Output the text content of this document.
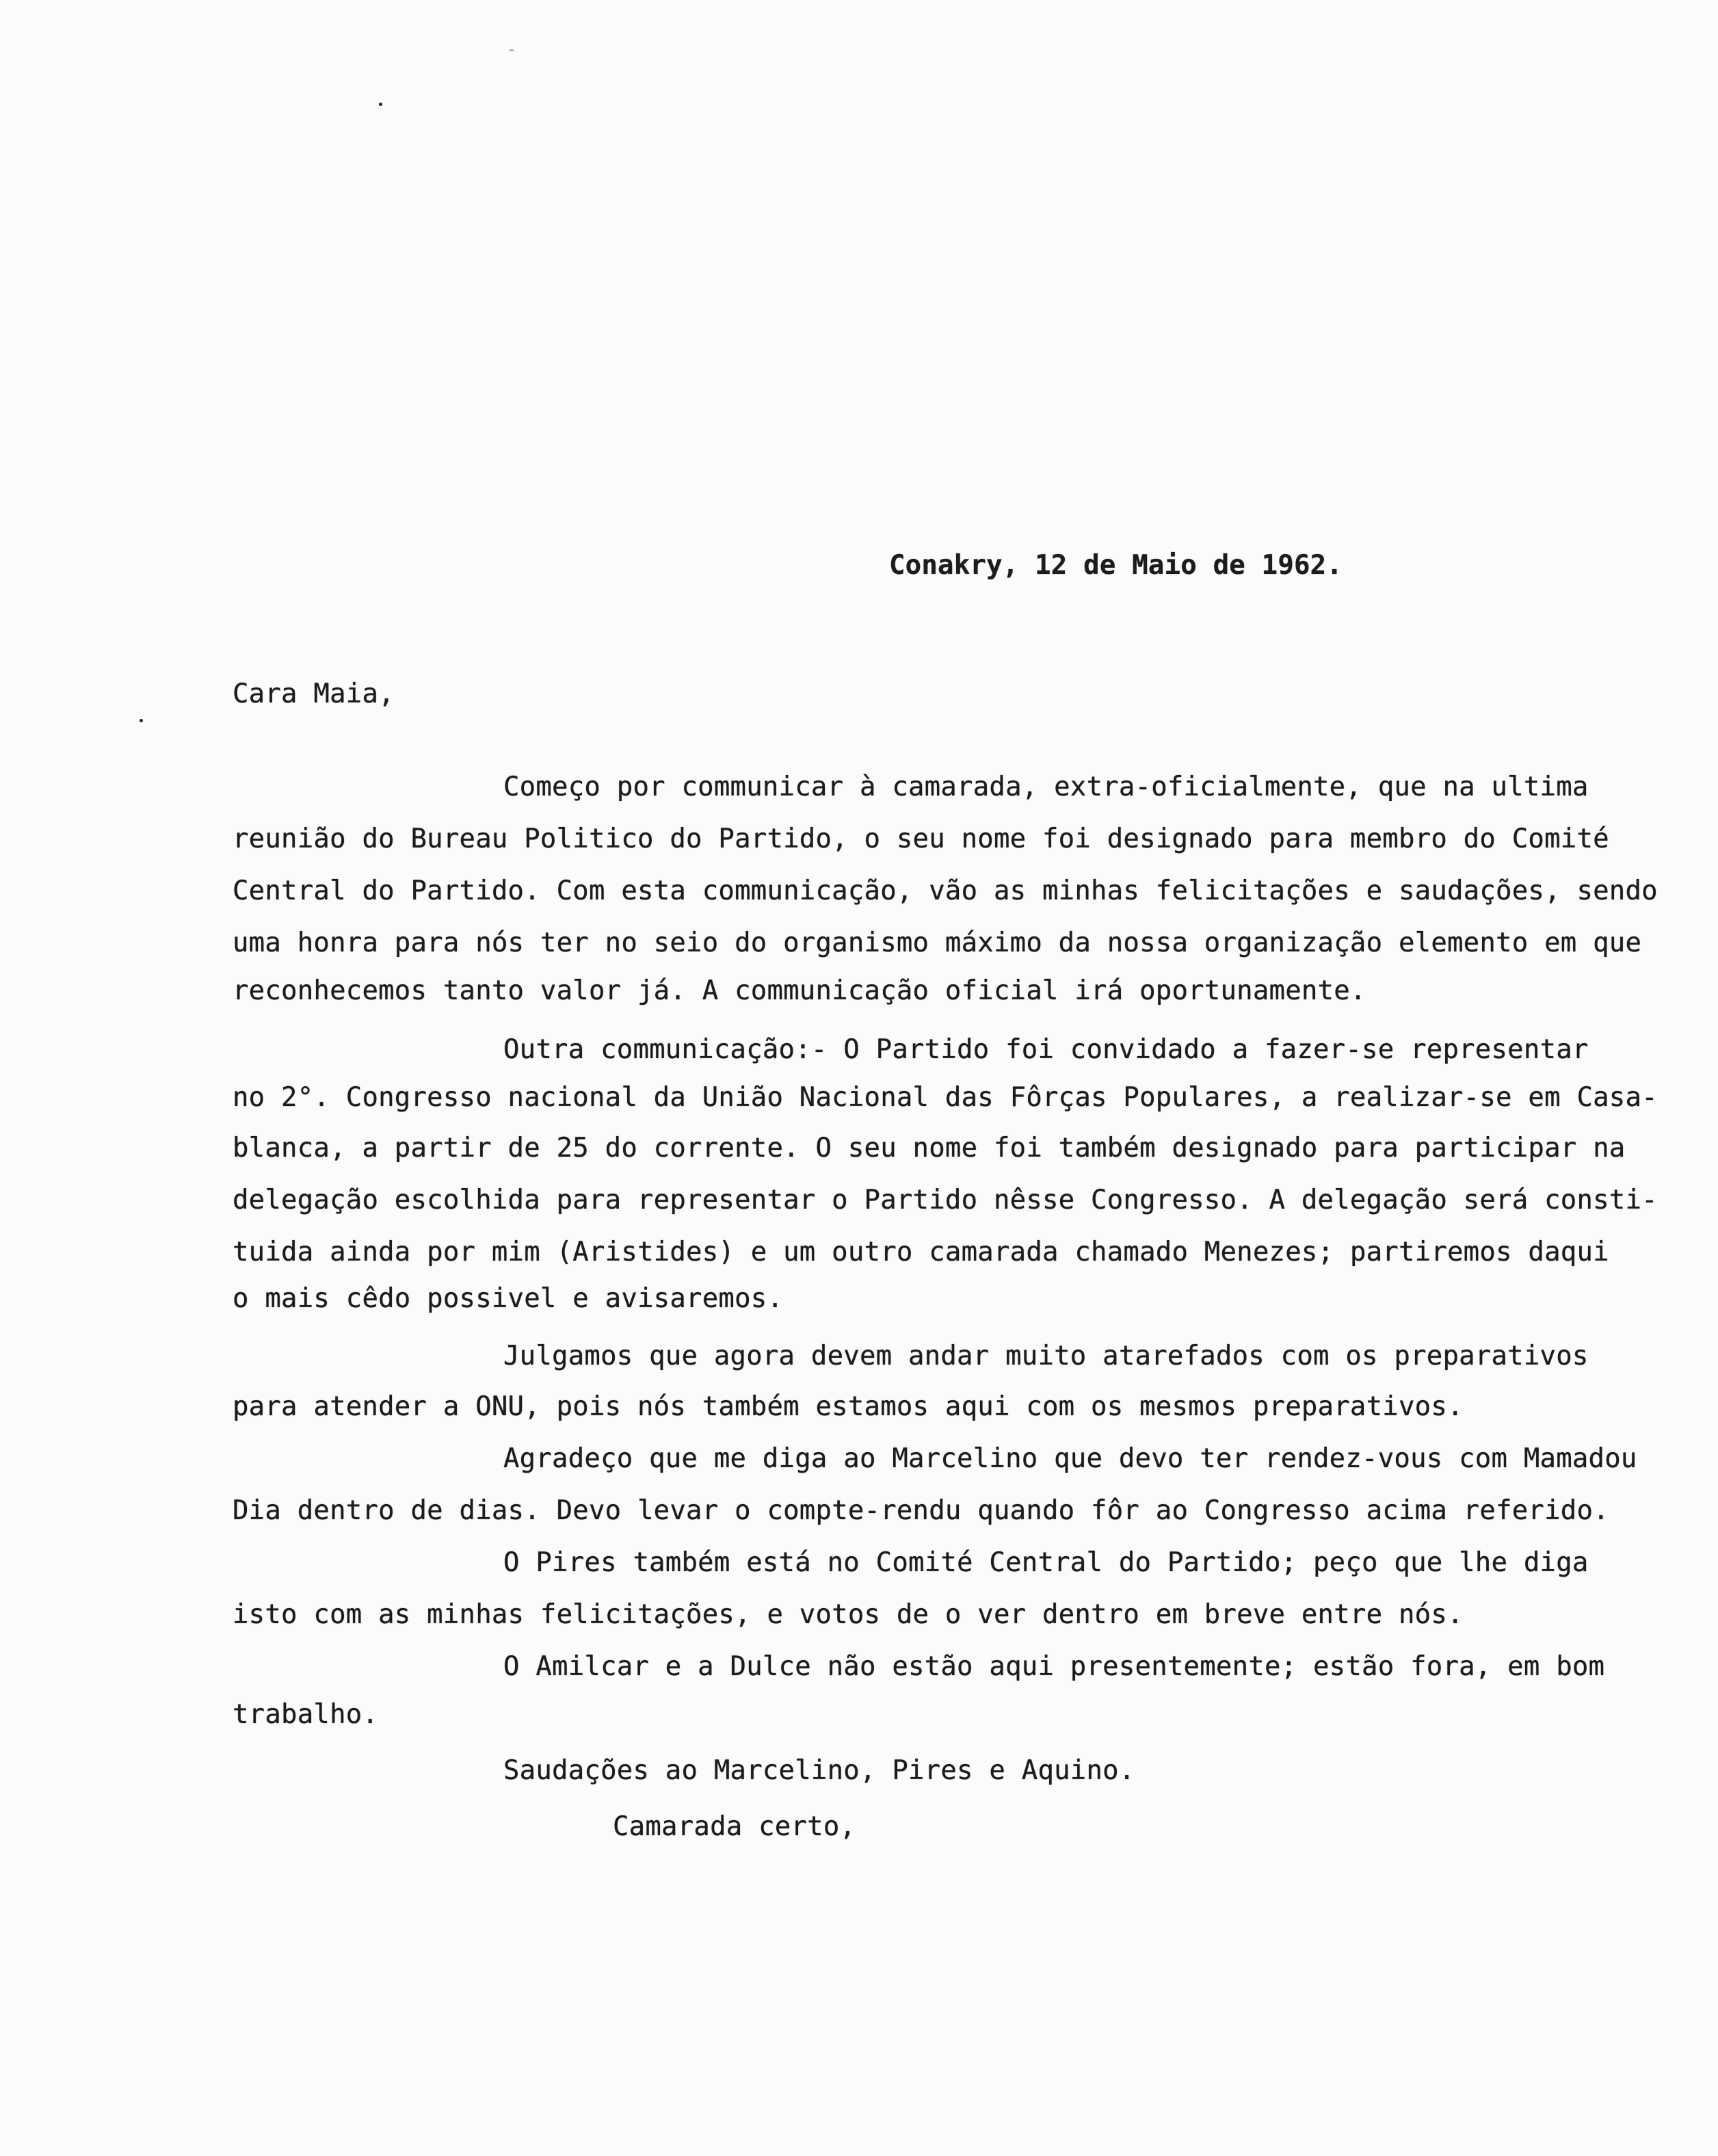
Conakry, 12 de Maio de 1962.
Cara Maia,
Começo por communicar à camarada, extra-oficialmente, que na ultima
reunião do Bureau Politico do Partido, o seu nome foi designado para membro do Comité
Central do Partido. Com esta communicação, vão as minhas felicitações e saudações, sendo
uma honra para nós ter no seio do organismo máximo da nossa organização elemento em que
reconhecemos tanto valor já. A communicação oficial irá oportunamente.
Outra communicação:- O Partido foi convidado a fazer-se representar
no 2°. Congresso nacional da União Nacional das Fôrças Populares, a realizar-se em Casa-
blanca, a partir de 25 do corrente. O seu nome foi também designado para participar na
delegação escolhida para representar o Partido nêsse Congresso. A delegação será consti-
tuida ainda por mim (Aristides) e um outro camarada chamado Menezes; partiremos daqui
o mais cêdo possivel e avisaremos.
Julgamos que agora devem andar muito atarefados com os preparativos
para atender a ONU, pois nós também estamos aqui com os mesmos preparativos.
Agradeço que me diga ao Marcelino que devo ter rendez-vous com Mamadou
Dia dentro de dias. Devo levar o compte-rendu quando fôr ao Congresso acima referido.
O Pires também está no Comité Central do Partido; peço que lhe diga
isto com as minhas felicitações, e votos de o ver dentro em breve entre nós.
O Amilcar e a Dulce não estão aqui presentemente; estão fora, em bom
trabalho.
Saudações ao Marcelino, Pires e Aquino.
Camarada certo,
